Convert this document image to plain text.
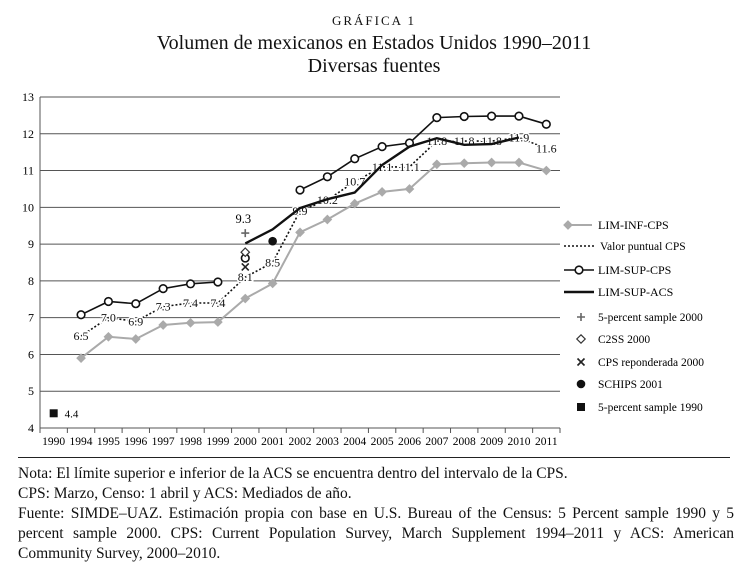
4
5
6
7
8
9
10
11
12
13
1990 1994 1995 1996 1997 1998 1999 2000 2001 2002 2003 2004 2005 2006 2007 2008 2009 2010 2011
6.5
7.0 6.9
7.3 7.4 7.4
8.1
8.5
9.9
10.2
10.7
11.1 11.1
11.8 11.8 11.8 11.9
11.6
9.3
4.4
LIM-INF-CPS
Valor puntual CPS
LIM-SUP-CPS
LIM-SUP-ACS
5-percent sample 2000
C2SS 2000
CPS reponderada 2000
SCHIPS 2001
5-percent sample 1990
GRÁFICA 1
Volumen de mexicanos en Estados Unidos 1990–2011
Diversas fuentes
Nota: El límite superior e inferior de la ACS se encuentra dentro del intervalo de la CPS.
CPS: Marzo, Censo: 1 abril y ACS: Mediados de año.
Fuente: SIMDE–UAZ. Estimación propia con base en U.S. Bureau of the Census: 5 Percent sample 1990 y 5 percent sample 2000. CPS: Current Population Survey, March Supplement 1994–2011 y ACS: American Community Survey, 2000–2010.
